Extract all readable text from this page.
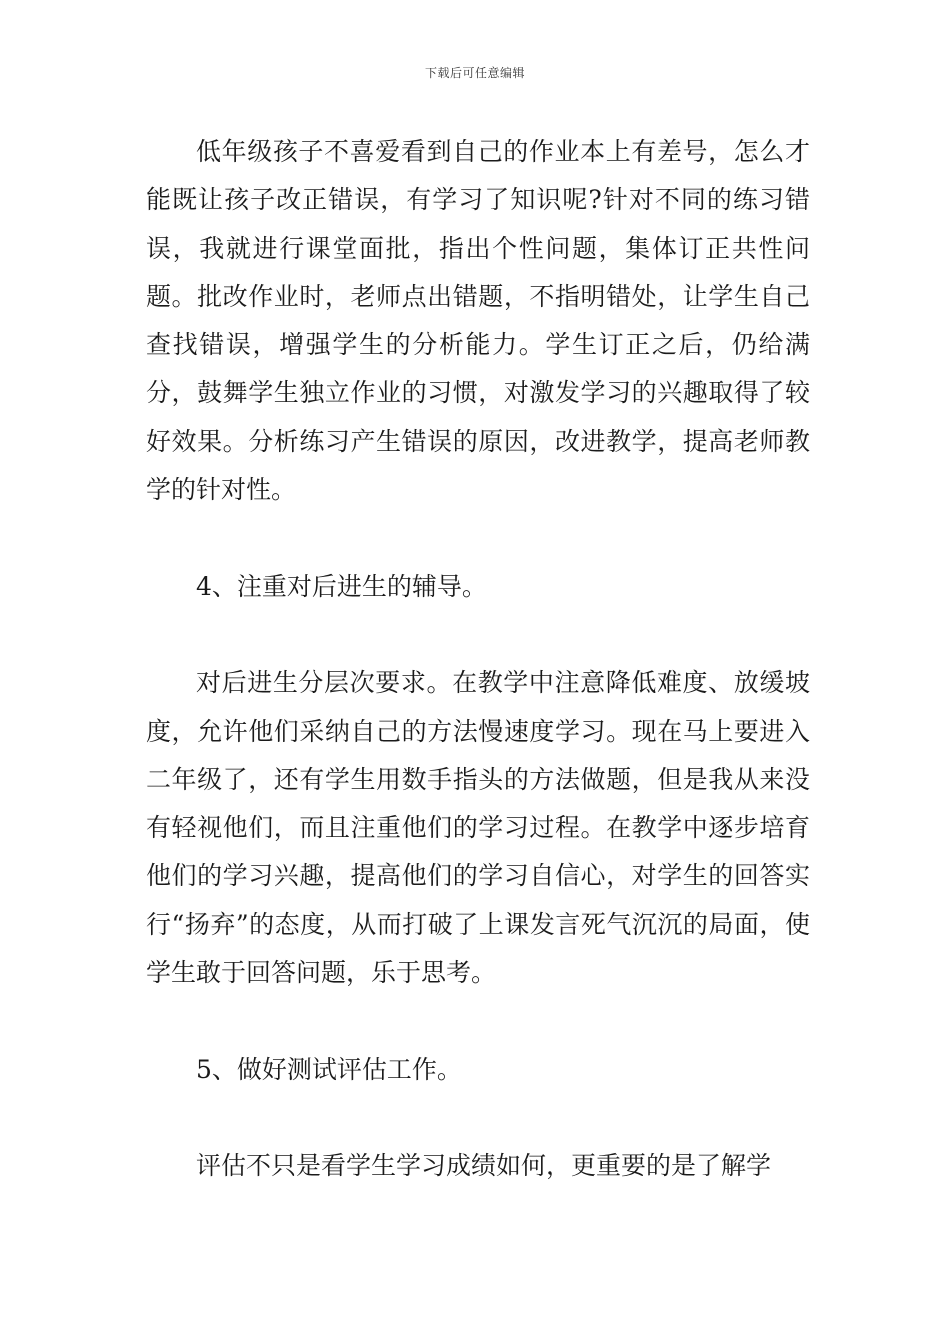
下载后可任意编辑

低年级孩子不喜爱看到自己的作业本上有差号，怎么才能既让孩子改正错误，有学习了知识呢?针对不同的练习错误，我就进行课堂面批，指出个性问题，集体订正共性问题。批改作业时，老师点出错题，不指明错处，让学生自己查找错误，增强学生的分析能力。学生订正之后，仍给满分，鼓舞学生独立作业的习惯，对激发学习的兴趣取得了较好效果。分析练习产生错误的原因，改进教学，提高老师教学的针对性。

4、注重对后进生的辅导。

对后进生分层次要求。在教学中注意降低难度、放缓坡度，允许他们采纳自己的方法慢速度学习。现在马上要进入二年级了，还有学生用数手指头的方法做题，但是我从来没有轻视他们，而且注重他们的学习过程。在教学中逐步培育他们的学习兴趣，提高他们的学习自信心，对学生的回答实行“扬弃”的态度，从而打破了上课发言死气沉沉的局面，使学生敢于回答问题，乐于思考。

5、做好测试评估工作。

评估不只是看学生学习成绩如何，更重要的是了解学
